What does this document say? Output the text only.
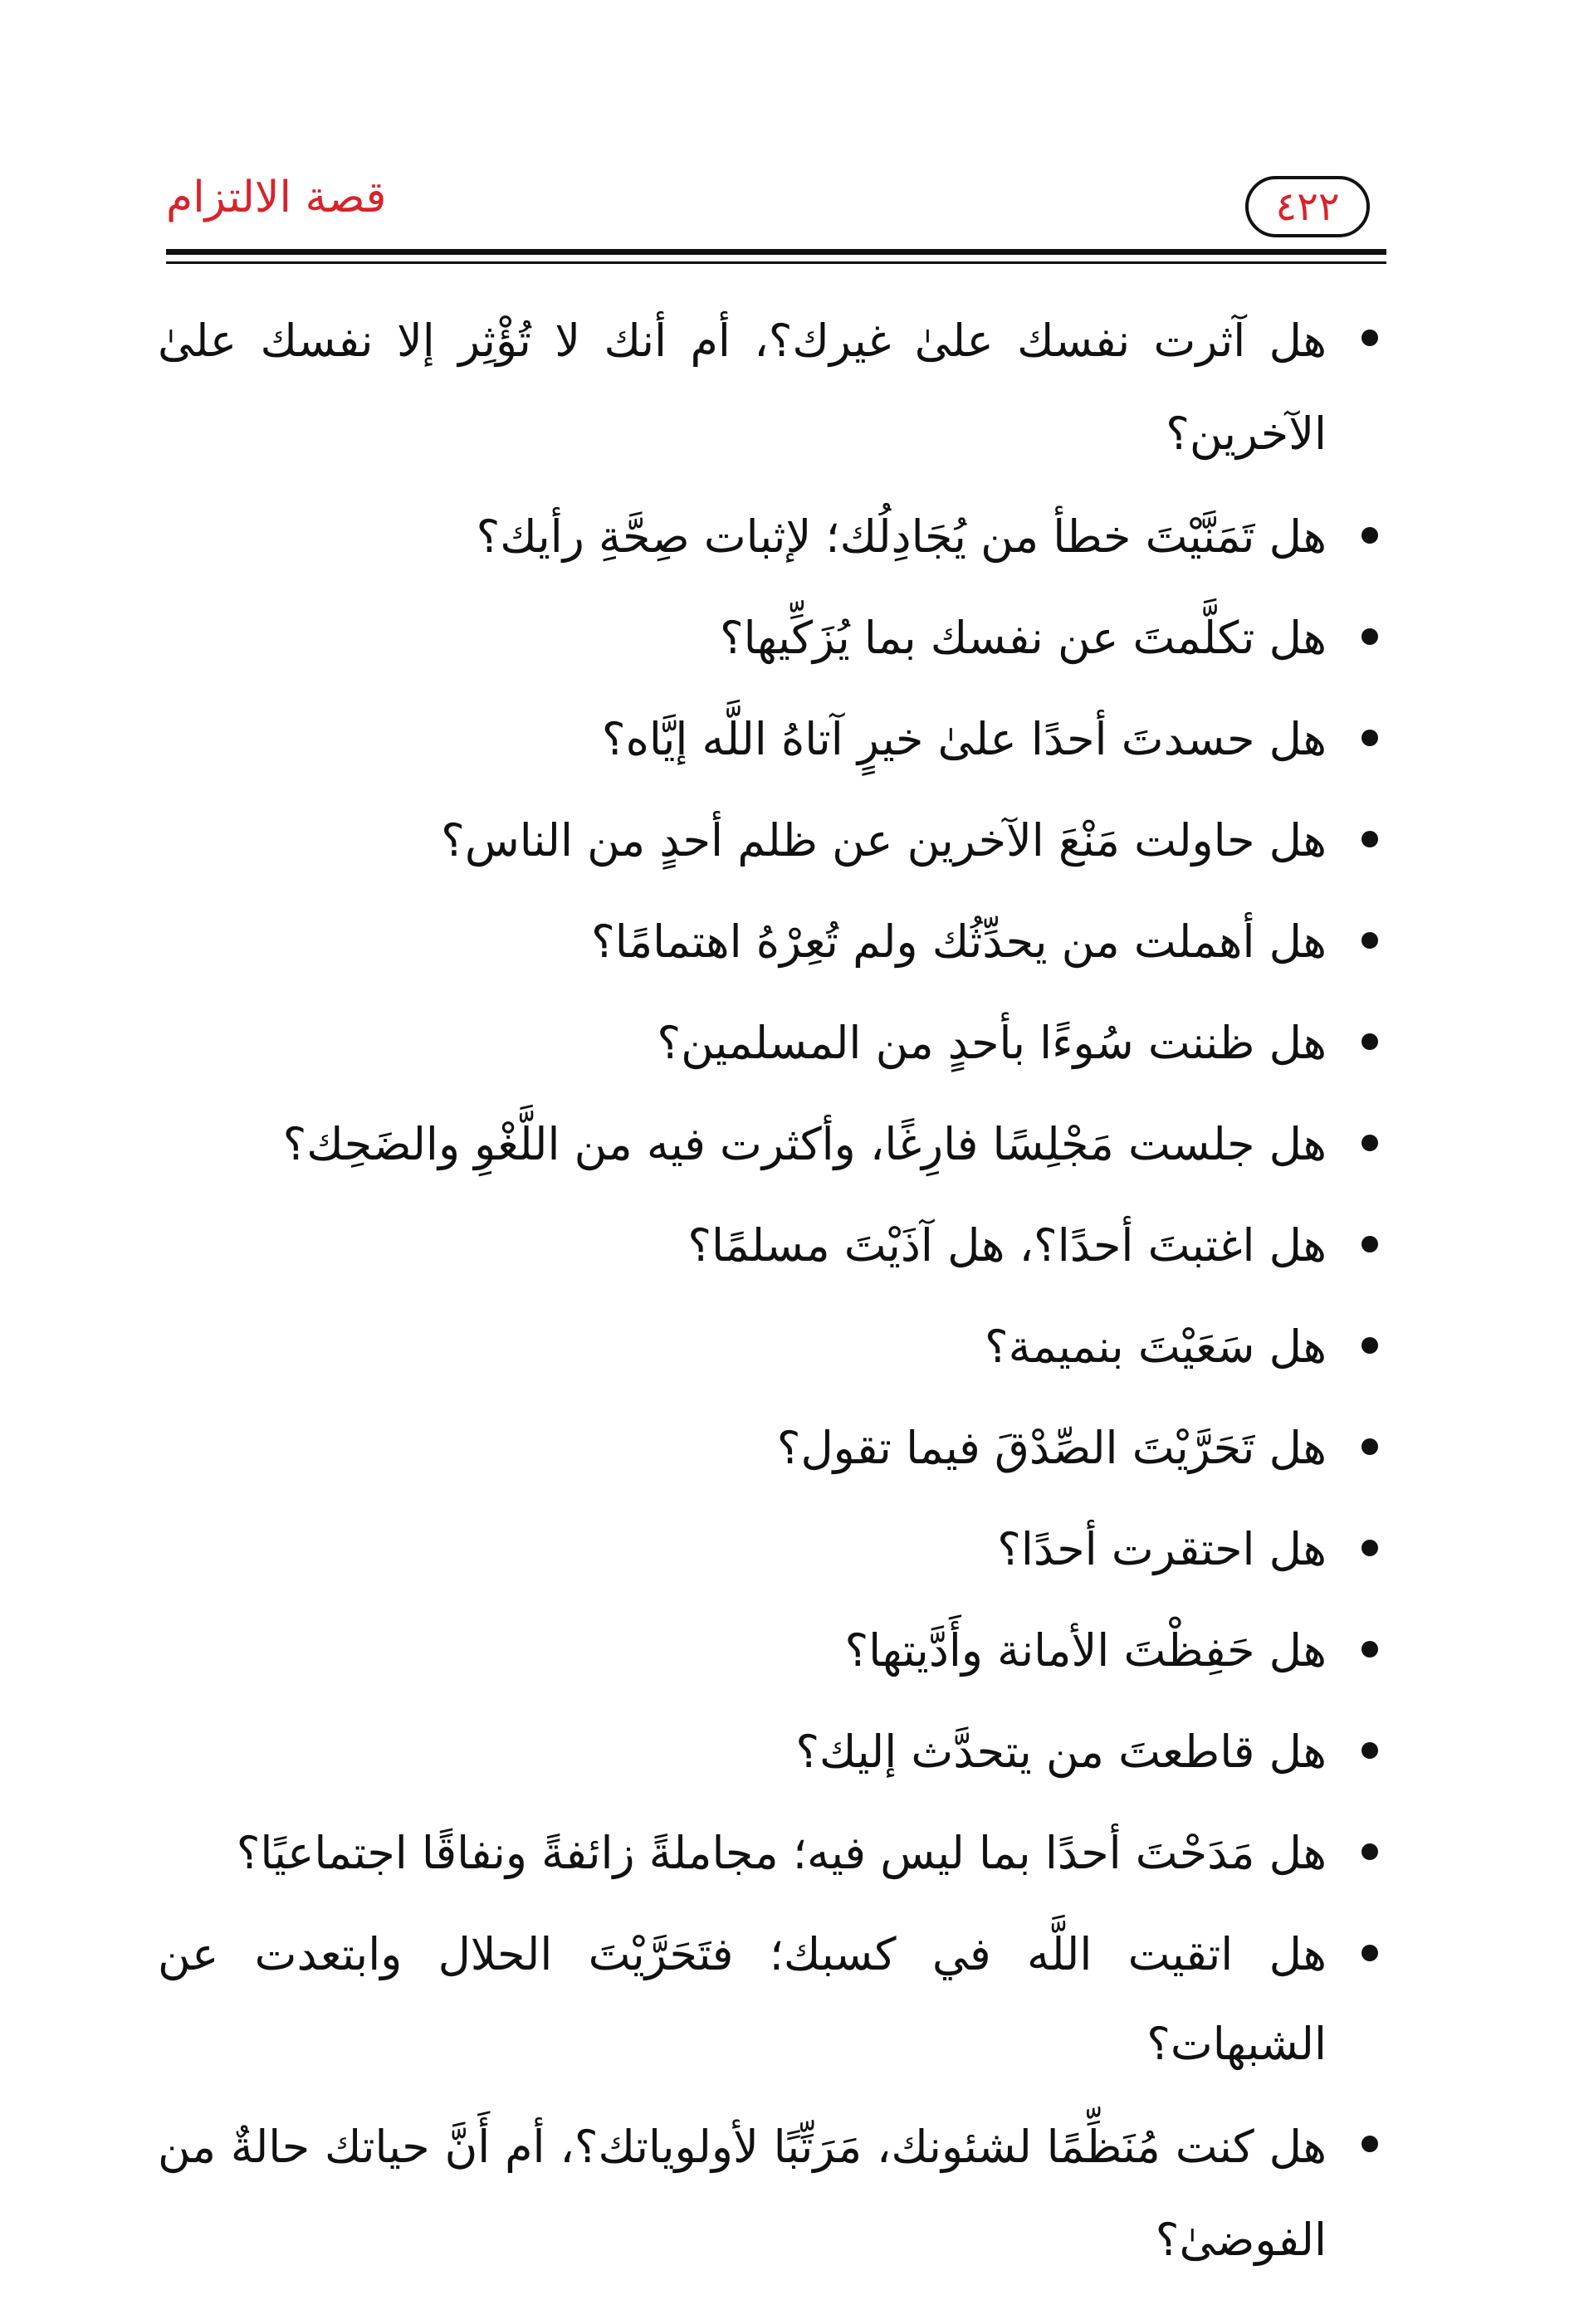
قصة الالتزام	٤٢٢
هل آثرت نفسك علىٰ غيرك؟، أم أنك لا تُؤْثِر إلا نفسك علىٰ الآخرين؟
هل تَمَنَّيْتَ خطأ من يُجَادِلُك؛ لإثبات صِحَّةِ رأيك؟
هل تكلَّمتَ عن نفسك بما يُزَكِّيها؟
هل حسدتَ أحدًا علىٰ خيرٍ آتاهُ اللَّه إيَّاه؟
هل حاولت مَنْعَ الآخرين عن ظلم أحدٍ من الناس؟
هل أهملت من يحدِّثُك ولم تُعِرْهُ اهتمامًا؟
هل ظننت سُوءًا بأحدٍ من المسلمين؟
هل جلست مَجْلِسًا فارِغًا، وأكثرت فيه من اللَّغْوِ والضَحِك؟
هل اغتبتَ أحدًا؟، هل آذَيْتَ مسلمًا؟
هل سَعَيْتَ بنميمة؟
هل تَحَرَّيْتَ الصِّدْقَ فيما تقول؟
هل احتقرت أحدًا؟
هل حَفِظْتَ الأمانة وأَدَّيتها؟
هل قاطعتَ من يتحدَّث إليك؟
هل مَدَحْتَ أحدًا بما ليس فيه؛ مجاملةً زائفةً ونفاقًا اجتماعيًا؟
هل اتقيت اللَّه في كسبك؛ فتَحَرَّيْتَ الحلال وابتعدت عن الشبهات؟
هل كنت مُنَظِّمًا لشئونك، مَرَتِّبًا لأولوياتك؟، أم أَنَّ حياتك حالةٌ من الفوضىٰ؟
